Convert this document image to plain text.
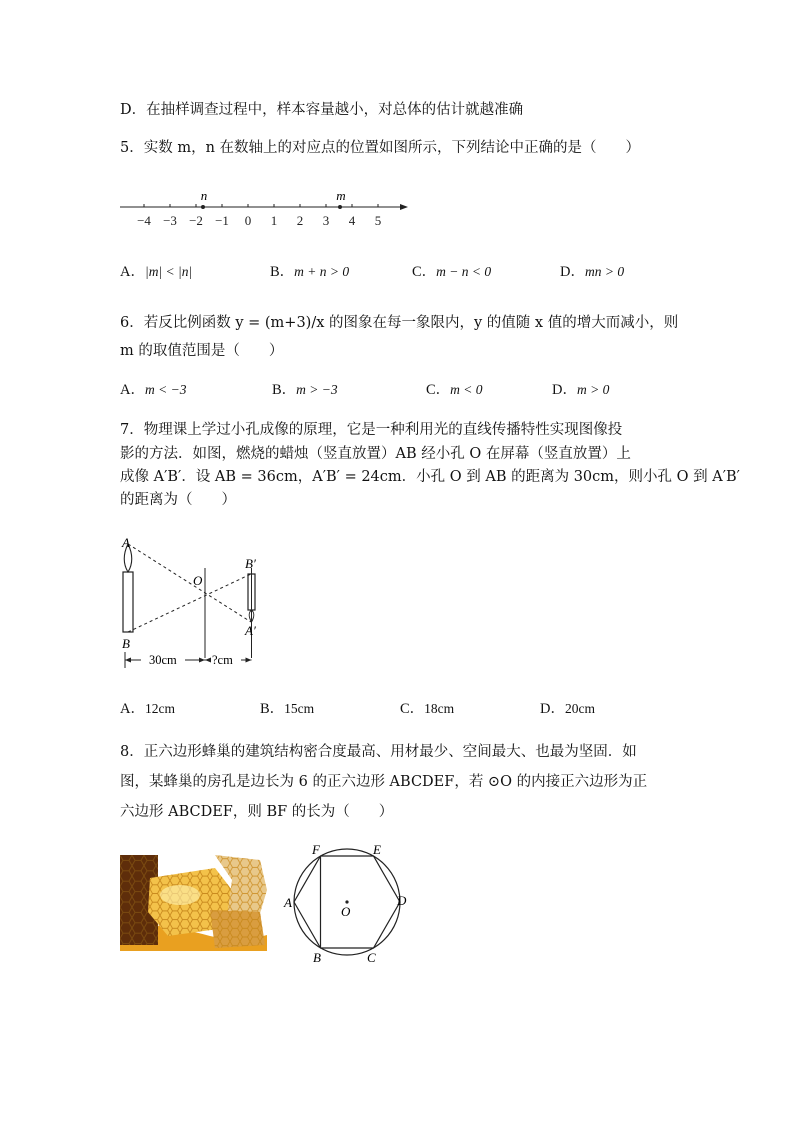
D．在抽样调查过程中，样本容量越小，对总体的估计就越准确
5．实数 m，n 在数轴上的对应点的位置如图所示，下列结论中正确的是（　　）
−4 −3 −2 −1 0 1 2 3 4 5
n	m
A．|m| < |n|	B．m + n > 0	C．m − n < 0	D．mn > 0
6．若反比例函数 y = (m+3)/x 的图象在每一象限内，y 的值随 x 值的增大而减小，则
m 的取值范围是（　　）
A．m < −3	B．m > −3	C．m < 0	D．m > 0
7．物理课上学过小孔成像的原理，它是一种利用光的直线传播特性实现图像投
影的方法．如图，燃烧的蜡烛（竖直放置）AB 经小孔 O 在屏幕（竖直放置）上
成像 A′B′．设 AB = 36cm，A′B′ = 24cm．小孔 O 到 AB 的距离为 30cm，则小孔 O 到 A′B′
的距离为（　　）
A
B
O
B′
A′
30cm	?cm
A．12cm	B．15cm	C．18cm	D．20cm
8．正六边形蜂巢的建筑结构密合度最高、用材最少、空间最大、也最为坚固．如
图，某蜂巢的房孔是边长为 6 的正六边形 ABCDEF，若 ⊙O 的内接正六边形为正
六边形 ABCDEF，则 BF 的长为（　　）
A
B	C
D
E
F
O
